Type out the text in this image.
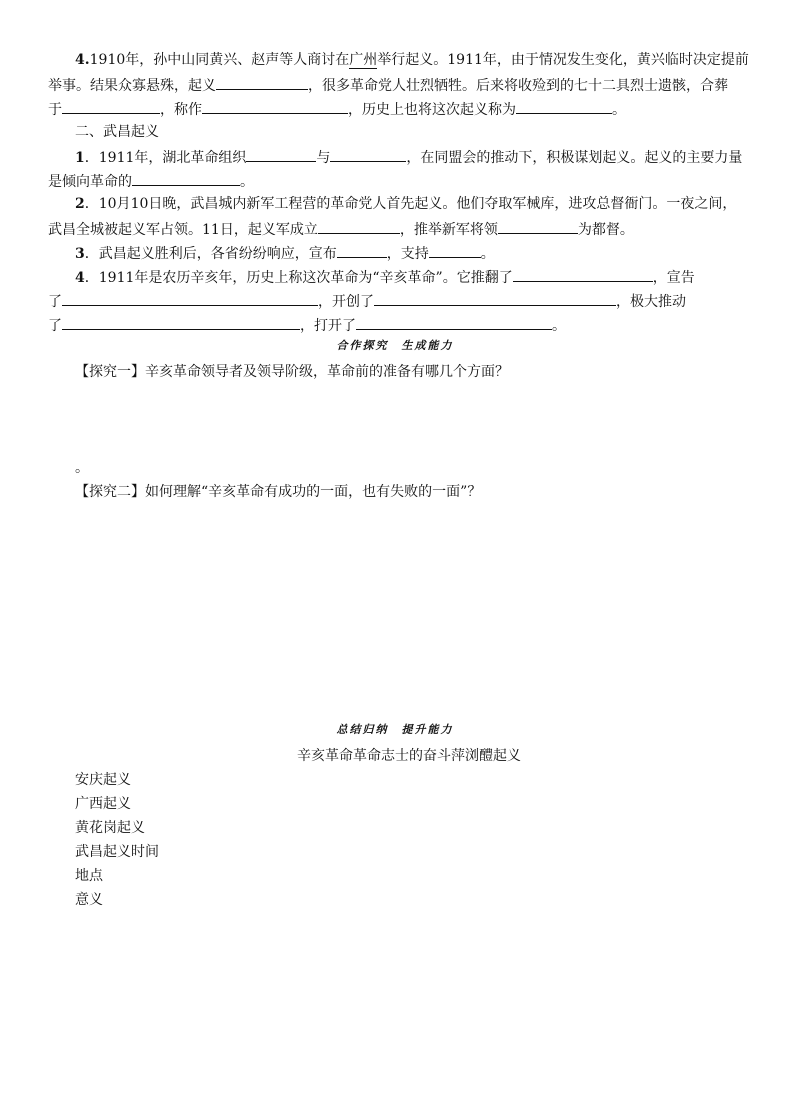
4.1910年，孙中山同黄兴、赵声等人商讨在广州举行起义。1911年，由于情况发生变化，黄兴临时决定提前
举事。结果众寡悬殊，起义	，很多革命党人壮烈牺牲。后来将收殓到的七十二具烈士遗骸，合葬
于	，称作	，历史上也将这次起义称为	。
二、武昌起义
1．1911年，湖北革命组织	与	，在同盟会的推动下，积极谋划起义。起义的主要力量
是倾向革命的	。
2．10月10日晚，武昌城内新军工程营的革命党人首先起义。他们夺取军械库，进攻总督衙门。一夜之间，
武昌全城被起义军占领。11日，起义军成立	，推举新军将领	为都督。
3．武昌起义胜利后，各省纷纷响应，宣布	，支持	。
4．1911年是农历辛亥年，历史上称这次革命为“辛亥革命”。它推翻了	，宣告
了	，开创了	，极大推动
了	，打开了	。
合作探究　生成能力
【探究一】辛亥革命领导者及领导阶级，革命前的准备有哪几个方面？
。
【探究二】如何理解“辛亥革命有成功的一面，也有失败的一面”？
总结归纳　提升能力
辛亥革命革命志士的奋斗萍浏醴起义
安庆起义
广西起义
黄花岗起义
武昌起义时间
地点
意义
